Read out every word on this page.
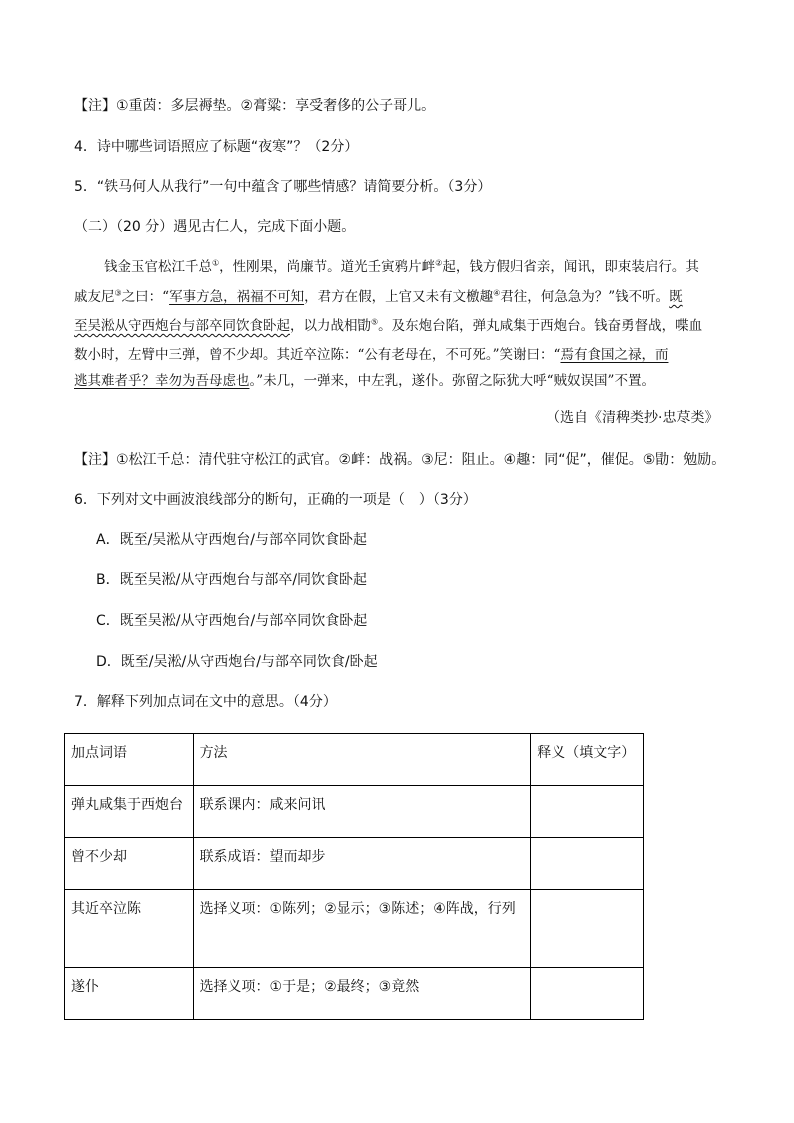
【注】①重茵：多层褥垫。②膏粱：享受奢侈的公子哥儿。
4．诗中哪些词语照应了标题“夜寒”？（2分）
5．“铁马何人从我行”一句中蕴含了哪些情感？请简要分析。（3分）
（二）（20 分）遇见古仁人，完成下面小题。
钱金玉官松江千总①，性刚果，尚廉节。道光壬寅鸦片衅②起，钱方假归省亲，闻讯，即束装启行。其
戚友尼③之曰：“军事方急，祸福不可知，君方在假，上官又未有文檄趣④君往，何急急为？”钱不听。既
至吴淞从守西炮台与部卒同饮食卧起，以力战相勖⑤。及东炮台陷，弹丸咸集于西炮台。钱奋勇督战，喋血
数小时，左臂中三弹，曾不少却。其近卒泣陈：“公有老母在，不可死。”笑谢曰：“焉有食国之禄，而
逃其难者乎？幸勿为吾母虑也。”未几，一弹来，中左乳，遂仆。弥留之际犹大呼“贼奴误国”不置。
（选自《清稗类抄·忠荩类》
【注】①松江千总：清代驻守松江的武官。②衅：战祸。③尼：阻止。④趣：同“促”，催促。⑤勖：勉励。
6．下列对文中画波浪线部分的断句，正确的一项是（　）（3分）
A．既至/吴淞从守西炮台/与部卒同饮食卧起
B．既至吴淞/从守西炮台与部卒/同饮食卧起
C．既至吴淞/从守西炮台/与部卒同饮食卧起
D．既至/吴淞/从守西炮台/与部卒同饮食/卧起
7．解释下列加点词在文中的意思。（4分）
加点词语	方法	释义（填文字）
弹丸咸集于西炮台	联系课内：咸来问讯	
曾不少却	联系成语：望而却步	
其近卒泣陈	选择义项：①陈列；②显示；③陈述；④阵战，行列	
遂仆	选择义项：①于是；②最终；③竟然	
